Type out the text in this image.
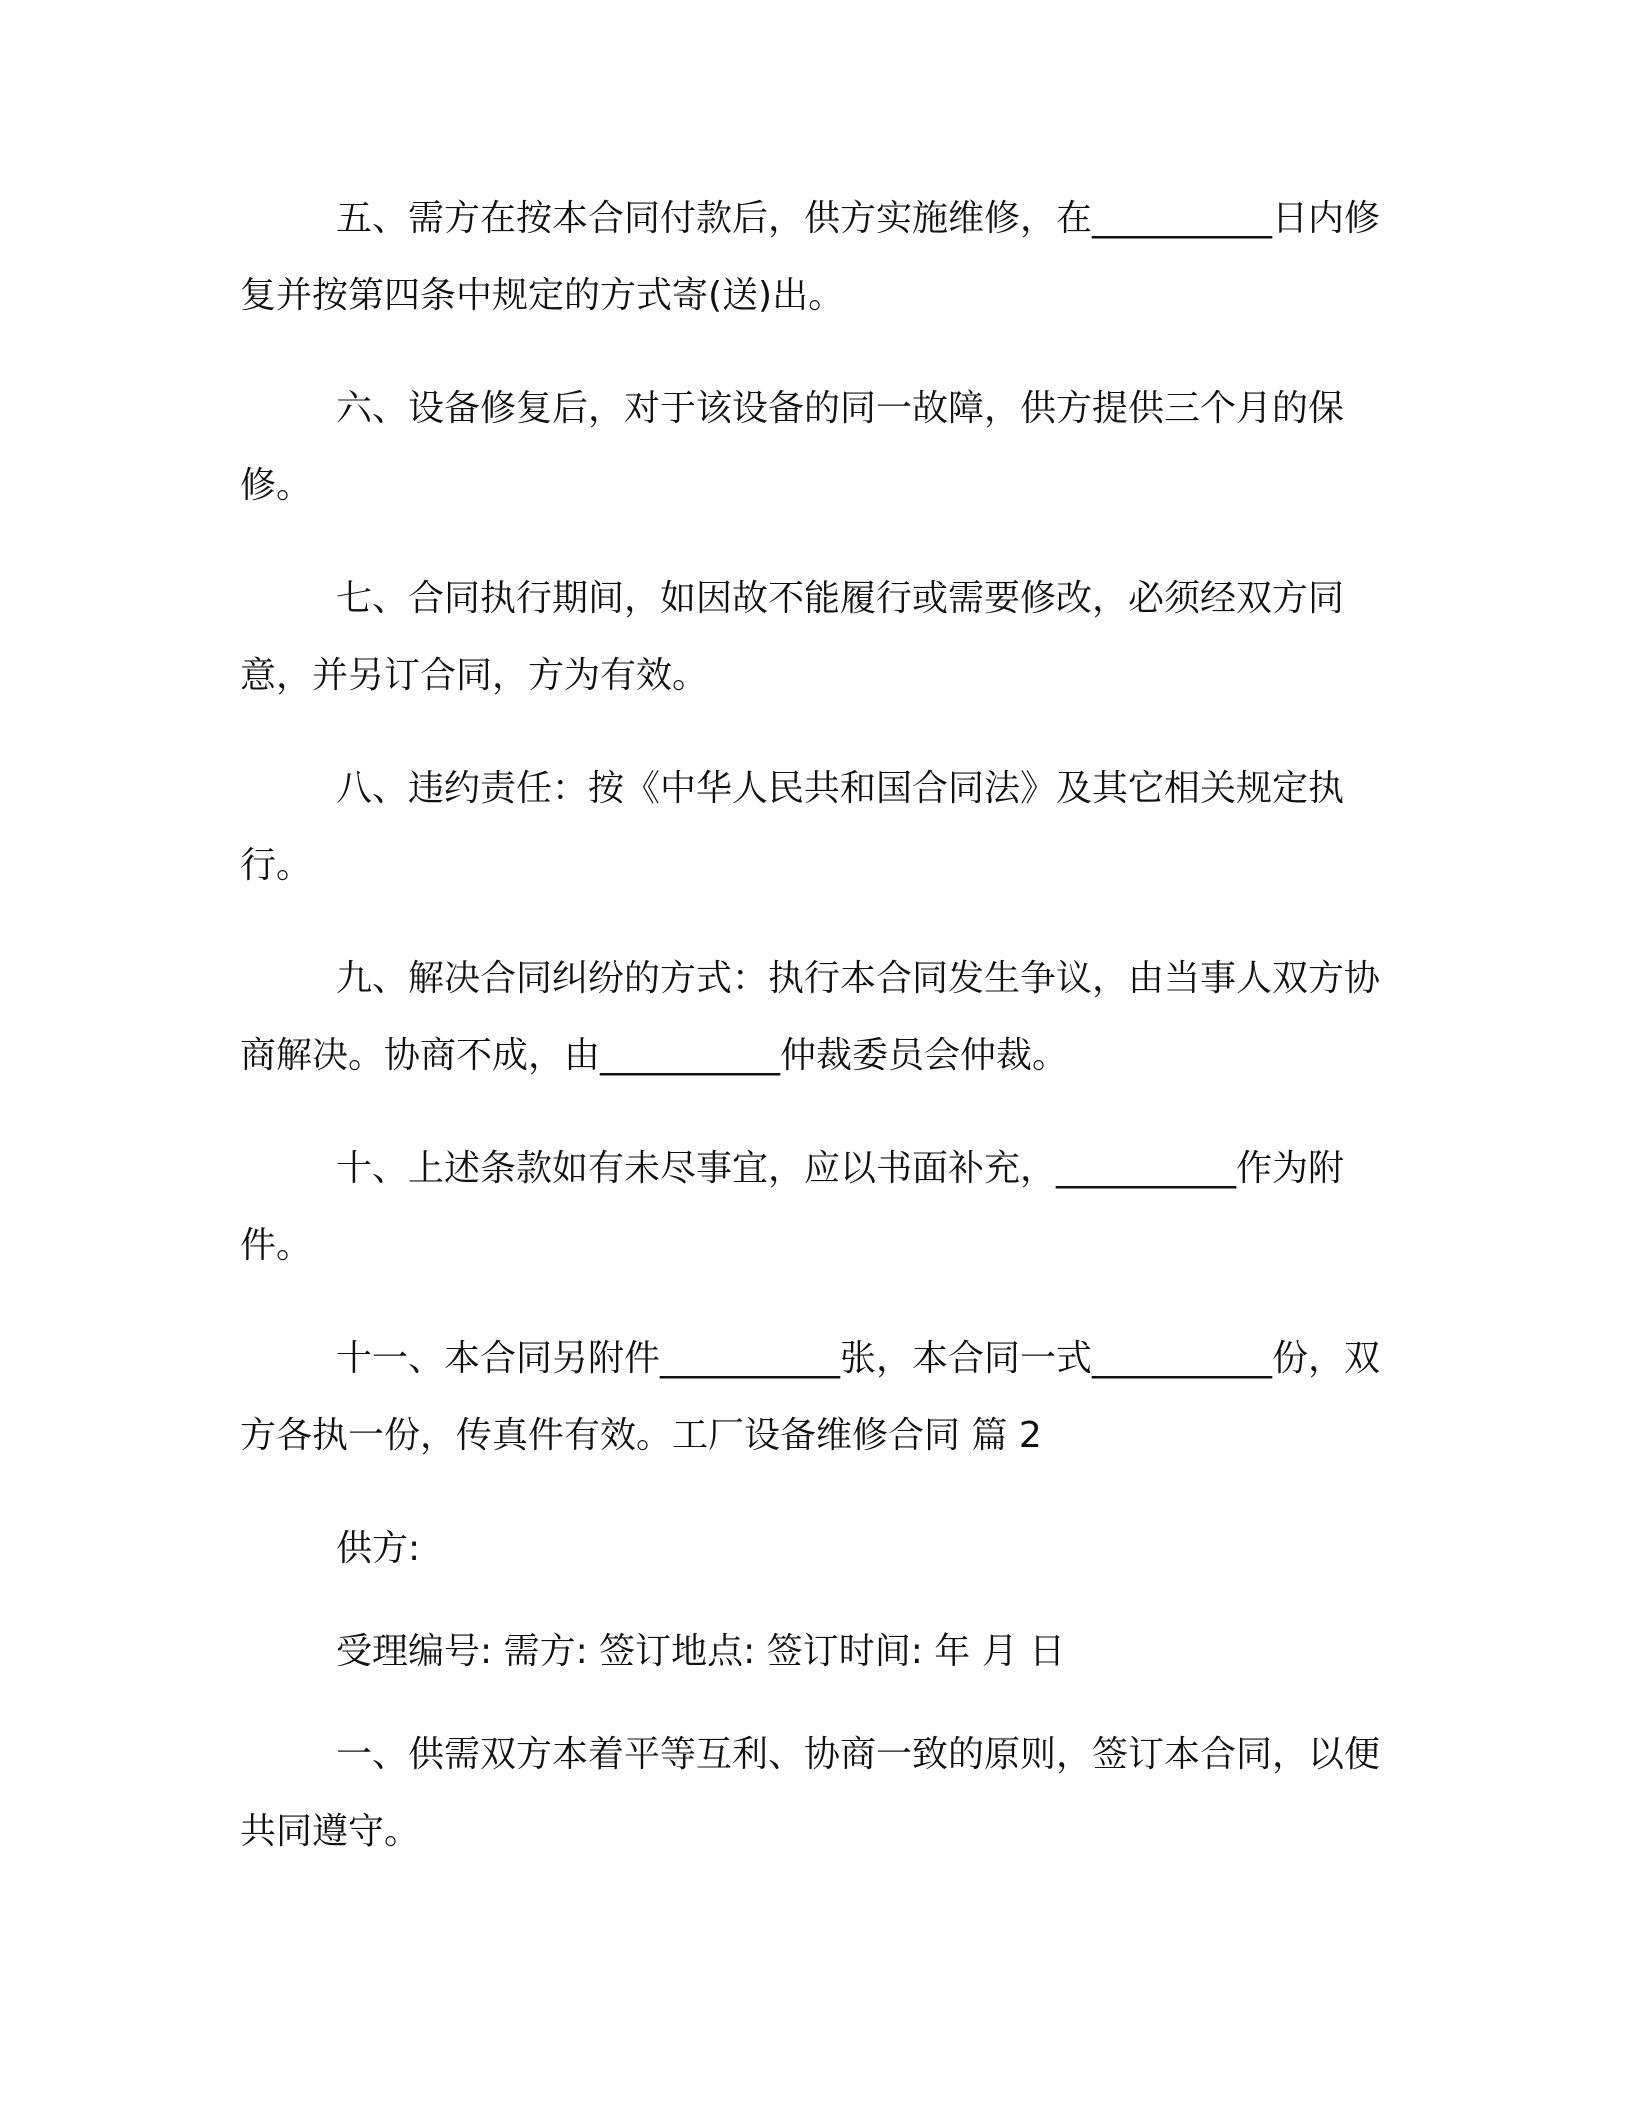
五、需方在按本合同付款后，供方实施维修，在__________日内修复并按第四条中规定的方式寄(送)出。

六、设备修复后，对于该设备的同一故障，供方提供三个月的保修。

七、合同执行期间，如因故不能履行或需要修改，必须经双方同意，并另订合同，方为有效。

八、违约责任：按《中华人民共和国合同法》及其它相关规定执行。

九、解决合同纠纷的方式：执行本合同发生争议，由当事人双方协商解决。协商不成，由__________仲裁委员会仲裁。

十、上述条款如有未尽事宜，应以书面补充，__________作为附件。

十一、本合同另附件__________张，本合同一式__________份，双方各执一份，传真件有效。工厂设备维修合同 篇 2

供方:

受理编号: 需方: 签订地点: 签订时间: 年 月 日

一、供需双方本着平等互利、协商一致的原则，签订本合同，以便共同遵守。
